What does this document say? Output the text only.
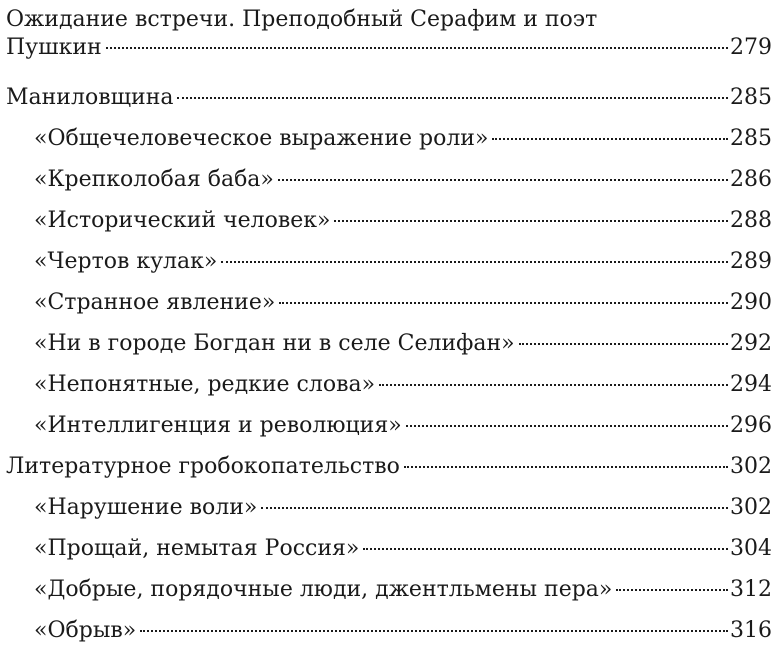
Ожидание встречи. Преподобный Серафим и поэт
Пушкин	279
Маниловщина	285
«Общечеловеческое выражение роли»	285
«Крепколобая баба»	286
«Исторический человек»	288
«Чертов кулак»	289
«Странное явление»	290
«Ни в городе Богдан ни в селе Селифан»	292
«Непонятные, редкие слова»	294
«Интеллигенция и революция»	296
Литературное гробокопательство	302
«Нарушение воли»	302
«Прощай, немытая Россия»	304
«Добрые, порядочные люди, джентльмены пера»	312
«Обрыв»	316
